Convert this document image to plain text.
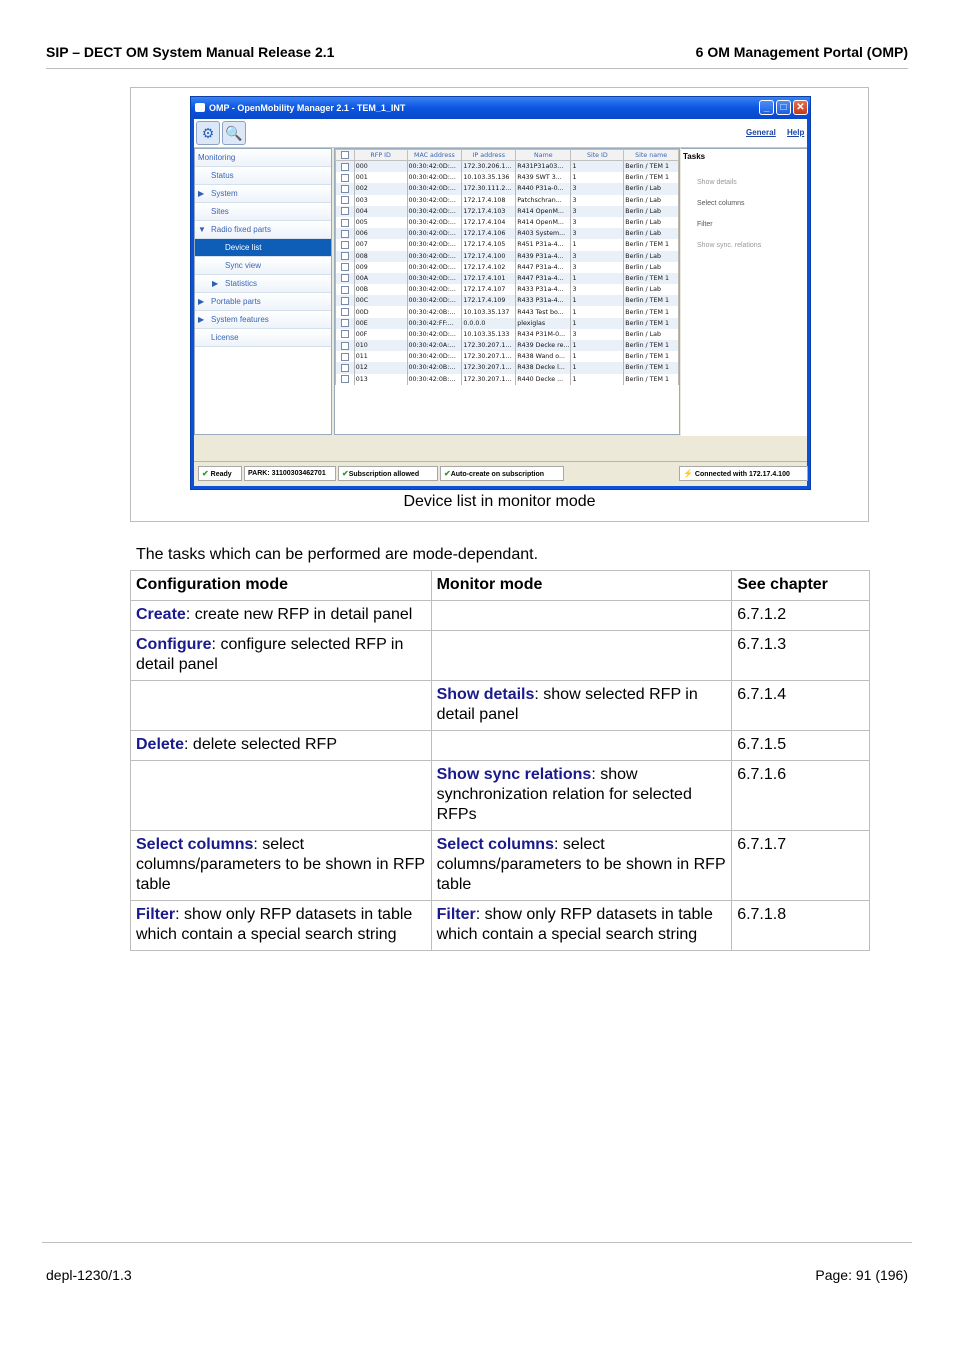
SIP – DECT OM System Manual Release 2.1	6 OM Management Portal (OMP)
OMP - OpenMobility Manager 2.1 - TEM_1_INT	_	□ ✕
⚙ 🔍	General Help
Monitoring
Status
▶ System
Sites
▼ Radio fixed parts
Device list
Sync view
▶ Statistics
▶ Portable parts
▶ System features
License
	RFP ID	MAC address	IP address	Name	Site ID	Site name
	000	00:30:42:0D:...	172.30.206.1...	R431P31a03...	1	Berlin / TEM 1
	001	00:30:42:0D:...	10.103.35.136	R439 SWT 3...	1	Berlin / TEM 1
	002	00:30:42:0D:...	172.30.111.2...	R440 P31a-0...	3	Berlin / Lab
	003	00:30:42:0D:...	172.17.4.108	Patchschran...	3	Berlin / Lab
	004	00:30:42:0D:...	172.17.4.103	R414 OpenM...	3	Berlin / Lab
	005	00:30:42:0D:...	172.17.4.104	R414 OpenM...	3	Berlin / Lab
	006	00:30:42:0D:...	172.17.4.106	R403 System...	3	Berlin / Lab
	007	00:30:42:0D:...	172.17.4.105	R451 P31a-4...	1	Berlin / TEM 1
	008	00:30:42:0D:...	172.17.4.100	R439 P31a-4...	3	Berlin / Lab
	009	00:30:42:0D:...	172.17.4.102	R447 P31a-4...	3	Berlin / Lab
	00A	00:30:42:0D:...	172.17.4.101	R447 P31a-4...	1	Berlin / TEM 1
	00B	00:30:42:0D:...	172.17.4.107	R433 P31a-4...	3	Berlin / Lab
	00C	00:30:42:0D:...	172.17.4.109	R433 P31a-4...	1	Berlin / TEM 1
	00D	00:30:42:0B:...	10.103.35.137	R443 Test bo...	1	Berlin / TEM 1
	00E	00:30:42:FF:...	0.0.0.0	plexiglas	1	Berlin / TEM 1
	00F	00:30:42:0D:...	10.103.35.133	R434 P31M-0...	3	Berlin / Lab
	010	00:30:42:0A:...	172.30.207.1...	R439 Decke re...	1	Berlin / TEM 1
	011	00:30:42:0D:...	172.30.207.1...	R438 Wand o...	1	Berlin / TEM 1
	012	00:30:42:0B:...	172.30.207.1...	R438 Decke l...	1	Berlin / TEM 1
	013	00:30:42:0B:...	172.30.207.1...	R440 Decke ...	1	Berlin / TEM 1

Tasks
Show details
Select columns
Filter
Show sync. relations
✔ Ready	PARK: 31100303462701	✔Subscription allowed	✔Auto-create on subscription	⚡ Connected with 172.17.4.100
Device list in monitor mode
The tasks which can be performed are mode-dependant.
Configuration mode	Monitor mode	See chapter
Create: create new RFP in detail panel		6.7.1.2
Configure: configure selected RFP in detail panel		6.7.1.3
	Show details: show selected RFP in detail panel	6.7.1.4
Delete: delete selected RFP		6.7.1.5
	Show sync relations: show synchronization relation for selected RFPs	6.7.1.6
Select columns: select columns/parameters to be shown in RFP table	Select columns: select columns/parameters to be shown in RFP table	6.7.1.7
Filter: show only RFP datasets in table which contain a special search string	Filter: show only RFP datasets in table which contain a special search string	6.7.1.8
depl-1230/1.3	Page: 91 (196)
